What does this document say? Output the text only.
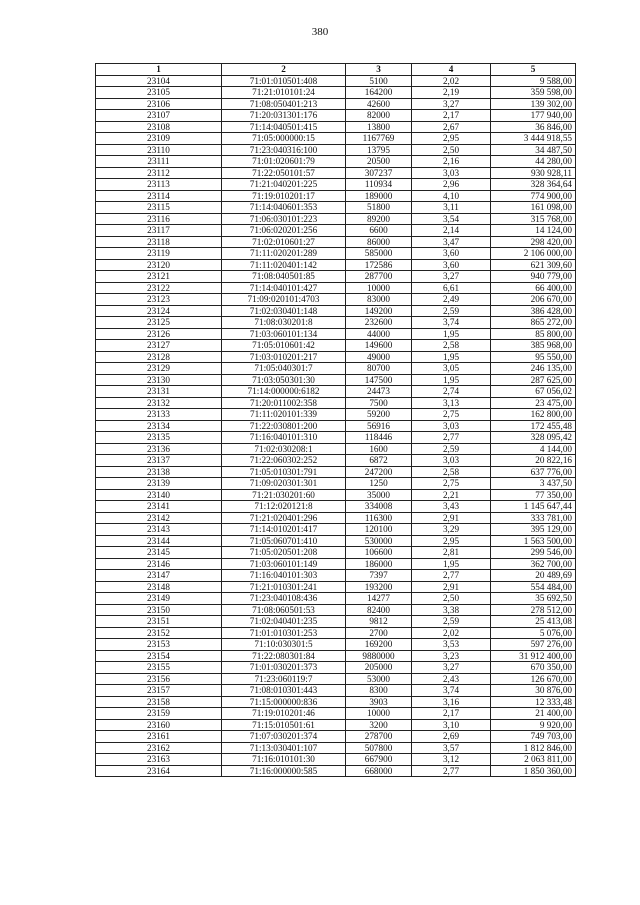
380
1	2	3	4	5
23104	71:01:010501:408	5100	2,02	9 588,00
23105	71:21:010101:24	164200	2,19	359 598,00
23106	71:08:050401:213	42600	3,27	139 302,00
23107	71:20:031301:176	82000	2,17	177 940,00
23108	71:14:040501:415	13800	2,67	36 846,00
23109	71:05:000000:15	1167769	2,95	3 444 918,55
23110	71:23:040316:100	13795	2,50	34 487,50
23111	71:01:020601:79	20500	2,16	44 280,00
23112	71:22:050101:57	307237	3,03	930 928,11
23113	71:21:040201:225	110934	2,96	328 364,64
23114	71:19:010201:17	189000	4,10	774 900,00
23115	71:14:040601:353	51800	3,11	161 098,00
23116	71:06:030101:223	89200	3,54	315 768,00
23117	71:06:020201:256	6600	2,14	14 124,00
23118	71:02:010601:27	86000	3,47	298 420,00
23119	71:11:020201:289	585000	3,60	2 106 000,00
23120	71:11:020401:142	172586	3,60	621 309,60
23121	71:08:040501:85	287700	3,27	940 779,00
23122	71:14:040101:427	10000	6,61	66 400,00
23123	71:09:020101:4703	83000	2,49	206 670,00
23124	71:02:030401:148	149200	2,59	386 428,00
23125	71:08:030201:8	232600	3,74	865 272,00
23126	71:03:060101:134	44000	1,95	85 800,00
23127	71:05:010601:42	149600	2,58	385 968,00
23128	71:03:010201:217	49000	1,95	95 550,00
23129	71:05:040301:7	80700	3,05	246 135,00
23130	71:03:050301:30	147500	1,95	287 625,00
23131	71:14:000000:6182	24473	2,74	67 056,02
23132	71:20:011002:358	7500	3,13	23 475,00
23133	71:11:020101:339	59200	2,75	162 800,00
23134	71:22:030801:200	56916	3,03	172 455,48
23135	71:16:040101:310	118446	2,77	328 095,42
23136	71:02:030208:1	1600	2,59	4 144,00
23137	71:22:060302:252	6872	3,03	20 822,16
23138	71:05:010301:791	247200	2,58	637 776,00
23139	71:09:020301:301	1250	2,75	3 437,50
23140	71:21:030201:60	35000	2,21	77 350,00
23141	71:12:020121:8	334008	3,43	1 145 647,44
23142	71:21:020401:296	116300	2,91	333 781,00
23143	71:14:010201:417	120100	3,29	395 129,00
23144	71:05:060701:410	530000	2,95	1 563 500,00
23145	71:05:020501:208	106600	2,81	299 546,00
23146	71:03:060101:149	186000	1,95	362 700,00
23147	71:16:040101:303	7397	2,77	20 489,69
23148	71:21:010301:241	193200	2,91	554 484,00
23149	71:23:040108:436	14277	2,50	35 692,50
23150	71:08:060501:53	82400	3,38	278 512,00
23151	71:02:040401:235	9812	2,59	25 413,08
23152	71:01:010301:253	2700	2,02	5 076,00
23153	71:10:030301:5	169200	3,53	597 276,00
23154	71:22:080301:84	9880000	3,23	31 912 400,00
23155	71:01:030201:373	205000	3,27	670 350,00
23156	71:23:060119:7	53000	2,43	126 670,00
23157	71:08:010301:443	8300	3,74	30 876,00
23158	71:15:000000:836	3903	3,16	12 333,48
23159	71:19:010201:46	10000	2,17	21 400,00
23160	71:15:010501:61	3200	3,10	9 920,00
23161	71:07:030201:374	278700	2,69	749 703,00
23162	71:13:030401:107	507800	3,57	1 812 846,00
23163	71:16:010101:30	667900	3,12	2 063 811,00
23164	71:16:000000:585	668000	2,77	1 850 360,00
